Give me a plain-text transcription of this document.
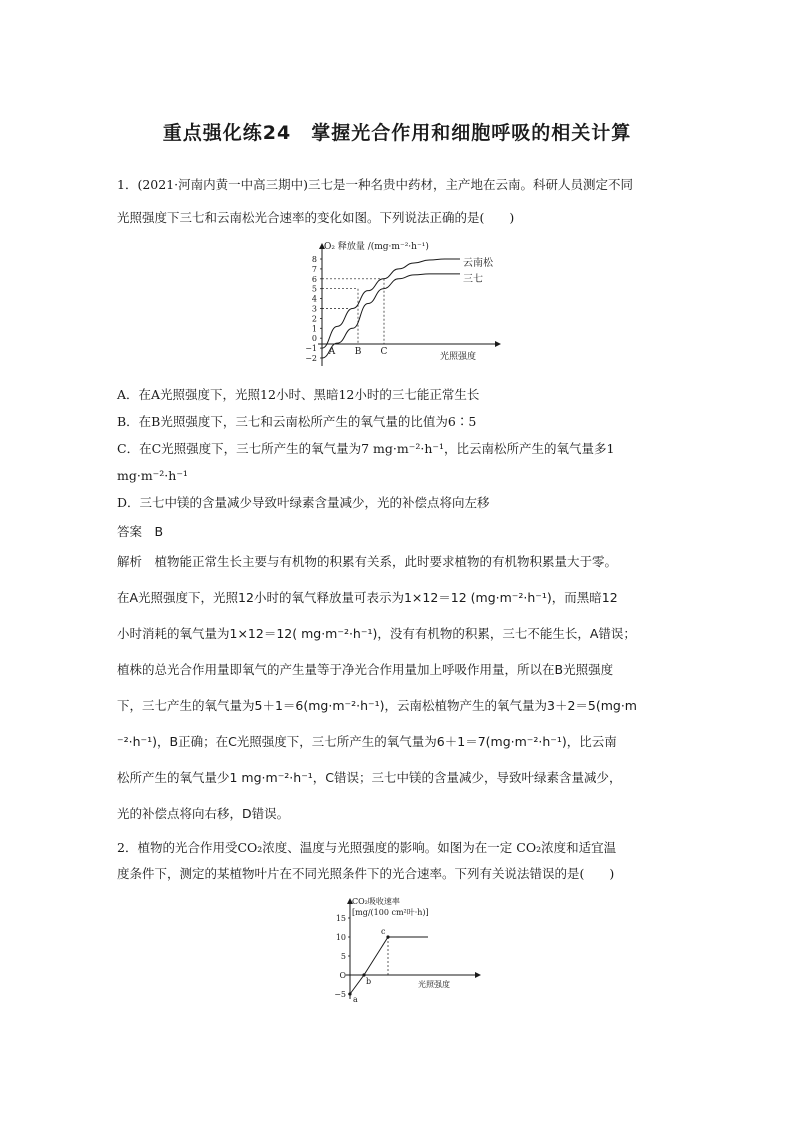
重点强化练24　掌握光合作用和细胞呼吸的相关计算

1．(2021·河南内黄一中高三期中)三七是一种名贵中药材，主产地在云南。科研人员测定不同

光照强度下三七和云南松光合速率的变化如图。下列说法正确的是(　　)

O₂ 释放量 /(mg·m⁻²·h⁻¹)
光照强度
8
7
6
5
4
3
2
1
0
−1
−2
A B C
云南松
三七

A．在A光照强度下，光照12小时、黑暗12小时的三七能正常生长

B．在B光照强度下，三七和云南松所产生的氧气量的比值为6∶5

C．在C光照强度下，三七所产生的氧气量为7 mg·m⁻²·h⁻¹，比云南松所产生的氧气量多1

mg·m⁻²·h⁻¹

D．三七中镁的含量减少导致叶绿素含量减少，光的补偿点将向左移

答案　 B

解析　 植物能正常生长主要与有机物的积累有关系，此时要求植物的有机物积累量大于零。

在A光照强度下，光照12小时的氧气释放量可表示为1×12＝12 (mg·m⁻²·h⁻¹)，而黑暗12

小时消耗的氧气量为1×12＝12( mg·m⁻²·h⁻¹)，没有有机物的积累，三七不能生长，A错误；

植株的总光合作用量即氧气的产生量等于净光合作用量加上呼吸作用量，所以在B光照强度

下，三七产生的氧气量为5＋1＝6(mg·m⁻²·h⁻¹)，云南松植物产生的氧气量为3＋2＝5(mg·m

⁻²·h⁻¹)，B正确；在C光照强度下，三七所产生的氧气量为6＋1＝7(mg·m⁻²·h⁻¹)，比云南

松所产生的氧气量少1 mg·m⁻²·h⁻¹，C错误；三七中镁的含量减少，导致叶绿素含量减少，

光的补偿点将向右移，D错误。

2．植物的光合作用受CO₂浓度、温度与光照强度的影响。如图为在一定 CO₂浓度和适宜温

度条件下，测定的某植物叶片在不同光照条件下的光合速率。下列有关说法错误的是(　　)

CO₂吸收速率
[mg/(100 cm²叶·h)]
光照强度
15
10
5
O
−5
a
b
c
